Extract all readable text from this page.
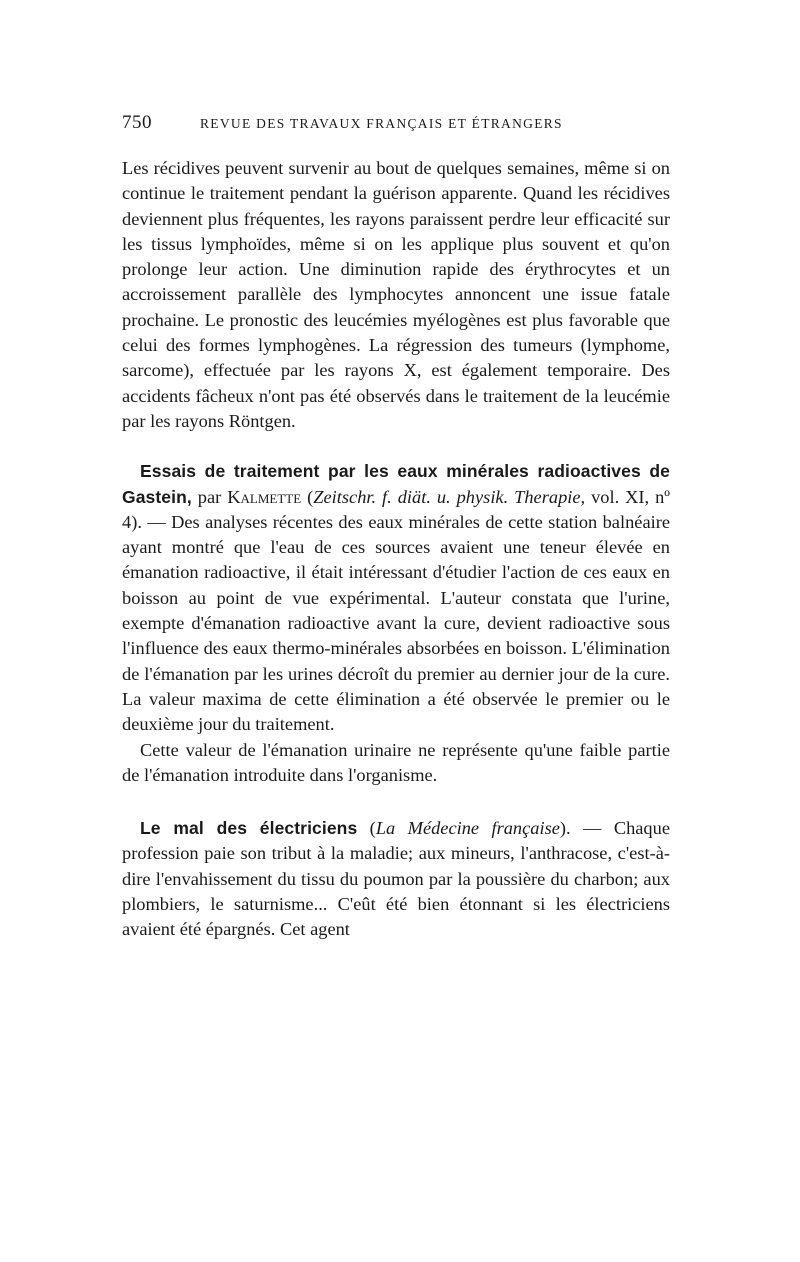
750	REVUE DES TRAVAUX FRANÇAIS ET ÉTRANGERS

Les récidives peuvent survenir au bout de quelques semaines, même si on continue le traitement pendant la guérison apparente. Quand les récidives deviennent plus fréquentes, les rayons paraissent perdre leur efficacité sur les tissus lymphoïdes, même si on les applique plus souvent et qu'on prolonge leur action. Une diminution rapide des érythrocytes et un accroissement parallèle des lymphocytes annoncent une issue fatale prochaine. Le pronostic des leucémies myélogènes est plus favorable que celui des formes lymphogènes. La régression des tumeurs (lymphome, sarcome), effectuée par les rayons X, est également temporaire. Des accidents fâcheux n'ont pas été observés dans le traitement de la leucémie par les rayons Röntgen.

Essais de traitement par les eaux minérales radioactives de Gastein, par Kalmette (Zeitschr. f. diät. u. physik. Therapie, vol. XI, nº 4). — Des analyses récentes des eaux minérales de cette station balnéaire ayant montré que l'eau de ces sources avaient une teneur élevée en émanation radioactive, il était intéressant d'étudier l'action de ces eaux en boisson au point de vue expérimental. L'auteur constata que l'urine, exempte d'émanation radioactive avant la cure, devient radioactive sous l'influence des eaux thermo-minérales absorbées en boisson. L'élimination de l'émanation par les urines décroît du premier au dernier jour de la cure. La valeur maxima de cette élimination a été observée le premier ou le deuxième jour du traitement.

Cette valeur de l'émanation urinaire ne représente qu'une faible partie de l'émanation introduite dans l'organisme.

Le mal des électriciens (La Médecine française). — Chaque profession paie son tribut à la maladie; aux mineurs, l'anthracose, c'est-à-dire l'envahissement du tissu du poumon par la poussière du charbon; aux plombiers, le saturnisme... C'eût été bien étonnant si les électriciens avaient été épargnés. Cet agent
